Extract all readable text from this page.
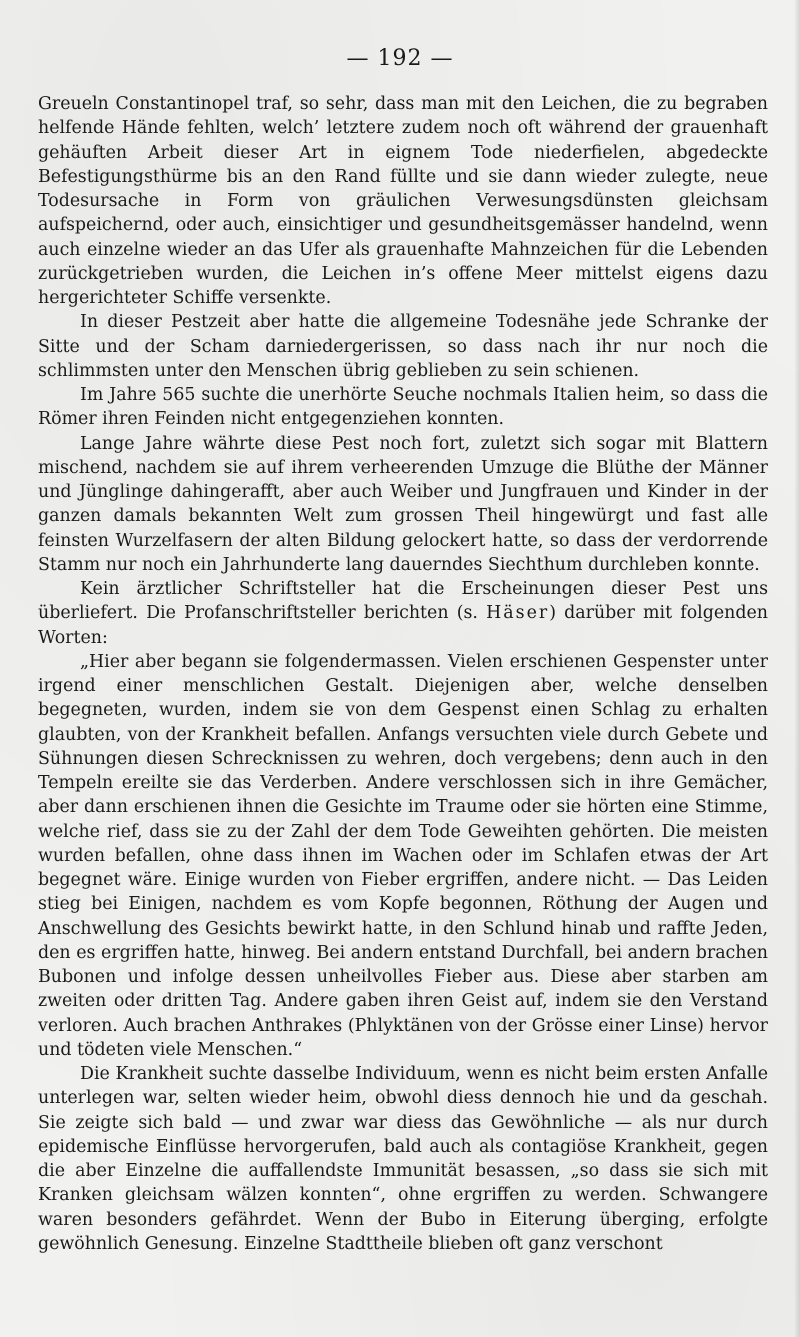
— 192 —

Greueln Constantinopel traf, so sehr, dass man mit den Leichen, die zu begraben helfende Hände fehlten, welch’ letztere zudem noch oft während der grauenhaft gehäuften Arbeit dieser Art in eignem Tode niederfielen, abgedeckte Befestigungsthürme bis an den Rand füllte und sie dann wieder zulegte, neue Todesursache in Form von gräulichen Verwesungsdünsten gleichsam aufspeichernd, oder auch, einsichtiger und gesundheitsgemässer handelnd, wenn auch einzelne wieder an das Ufer als grauenhafte Mahnzeichen für die Lebenden zurückgetrieben wurden, die Leichen in’s offene Meer mittelst eigens dazu hergerichteter Schiffe versenkte.

In dieser Pestzeit aber hatte die allgemeine Todesnähe jede Schranke der Sitte und der Scham darniedergerissen, so dass nach ihr nur noch die schlimmsten unter den Menschen übrig geblieben zu sein schienen.

Im Jahre 565 suchte die unerhörte Seuche nochmals Italien heim, so dass die Römer ihren Feinden nicht entgegenziehen konnten.

Lange Jahre währte diese Pest noch fort, zuletzt sich sogar mit Blattern mischend, nachdem sie auf ihrem verheerenden Umzuge die Blüthe der Männer und Jünglinge dahingerafft, aber auch Weiber und Jungfrauen und Kinder in der ganzen damals bekannten Welt zum grossen Theil hingewürgt und fast alle feinsten Wurzelfasern der alten Bildung gelockert hatte, so dass der verdorrende Stamm nur noch ein Jahrhunderte lang dauerndes Siechthum durchleben konnte.

Kein ärztlicher Schriftsteller hat die Erscheinungen dieser Pest uns überliefert. Die Profanschriftsteller berichten (s. Häser) darüber mit folgenden Worten:

„Hier aber begann sie folgendermassen. Vielen erschienen Gespenster unter irgend einer menschlichen Gestalt. Diejenigen aber, welche denselben begegneten, wurden, indem sie von dem Gespenst einen Schlag zu erhalten glaubten, von der Krankheit befallen. Anfangs versuchten viele durch Gebete und Sühnungen diesen Schrecknissen zu wehren, doch vergebens; denn auch in den Tempeln ereilte sie das Verderben. Andere verschlossen sich in ihre Gemächer, aber dann erschienen ihnen die Gesichte im Traume oder sie hörten eine Stimme, welche rief, dass sie zu der Zahl der dem Tode Geweihten gehörten. Die meisten wurden befallen, ohne dass ihnen im Wachen oder im Schlafen etwas der Art begegnet wäre. Einige wurden von Fieber ergriffen, andere nicht. — Das Leiden stieg bei Einigen, nachdem es vom Kopfe begonnen, Röthung der Augen und Anschwellung des Gesichts bewirkt hatte, in den Schlund hinab und raffte Jeden, den es ergriffen hatte, hinweg. Bei andern entstand Durchfall, bei andern brachen Bubonen und infolge dessen unheilvolles Fieber aus. Diese aber starben am zweiten oder dritten Tag. Andere gaben ihren Geist auf, indem sie den Verstand verloren. Auch brachen Anthrakes (Phlyktänen von der Grösse einer Linse) hervor und tödeten viele Menschen.“

Die Krankheit suchte dasselbe Individuum, wenn es nicht beim ersten Anfalle unterlegen war, selten wieder heim, obwohl diess dennoch hie und da geschah. Sie zeigte sich bald — und zwar war diess das Gewöhnliche — als nur durch epidemische Einflüsse hervorgerufen, bald auch als contagiöse Krankheit, gegen die aber Einzelne die auffallendste Immunität besassen, „so dass sie sich mit Kranken gleichsam wälzen konnten“, ohne ergriffen zu werden. Schwangere waren besonders gefährdet. Wenn der Bubo in Eiterung überging, erfolgte gewöhnlich Genesung. Einzelne Stadttheile blieben oft ganz verschont
